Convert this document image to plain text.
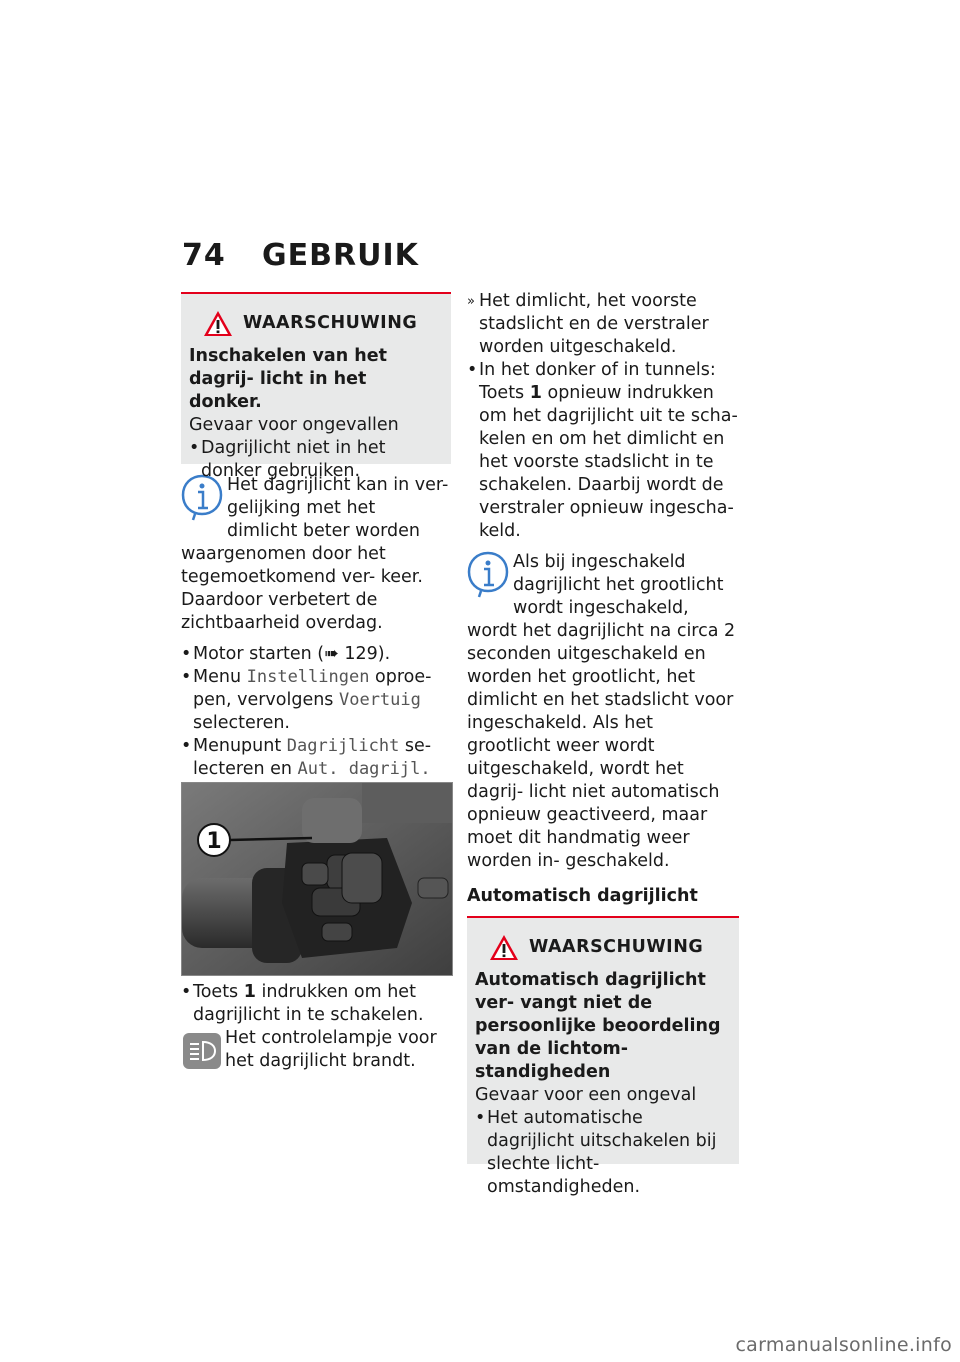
74 GEBRUIK
WAARSCHUWING

Inschakelen van het dagrij- licht in het donker.

Gevaar voor ongevallen

• Dagrijlicht niet in het donker gebruiken.

Het dagrijlicht kan in ver- gelijking met het dimlicht beter worden waargenomen door het tegemoetkomend ver- keer. Daardoor verbetert de zichtbaarheid overdag.

• Motor starten (➠ 129).
• Menu Instellingen oproe- pen, vervolgens Voertuig selecteren.
• Menupunt Dagrijlicht se- lecteren en Aut. dagrijl.
1
• Toets 1 indrukken om het dagrijlicht in te schakelen.

Het controlelampje voor het dagrijlicht brandt.

» Het dimlicht, het voorste stadslicht en de verstraler worden uitgeschakeld.
• In het donker of in tunnels: Toets 1 opnieuw indrukken om het dagrijlicht uit te scha- kelen en om het dimlicht en het voorste stadslicht in te schakelen. Daarbij wordt de verstraler opnieuw ingescha- keld.

Als bij ingeschakeld dagrijlicht het grootlicht wordt ingeschakeld, wordt het dagrijlicht na circa 2 seconden uitgeschakeld en worden het grootlicht, het dimlicht en het stadslicht voor ingeschakeld. Als het grootlicht weer wordt uitgeschakeld, wordt het dagrij- licht niet automatisch opnieuw geactiveerd, maar moet dit handmatig weer worden in- geschakeld.

Automatisch dagrijlicht

WAARSCHUWING

Automatisch dagrijlicht ver- vangt niet de persoonlijke beoordeling van de lichtom- standigheden

Gevaar voor een ongeval

• Het automatische dagrijlicht uitschakelen bij slechte licht- omstandigheden.
carmanualsonline.info
